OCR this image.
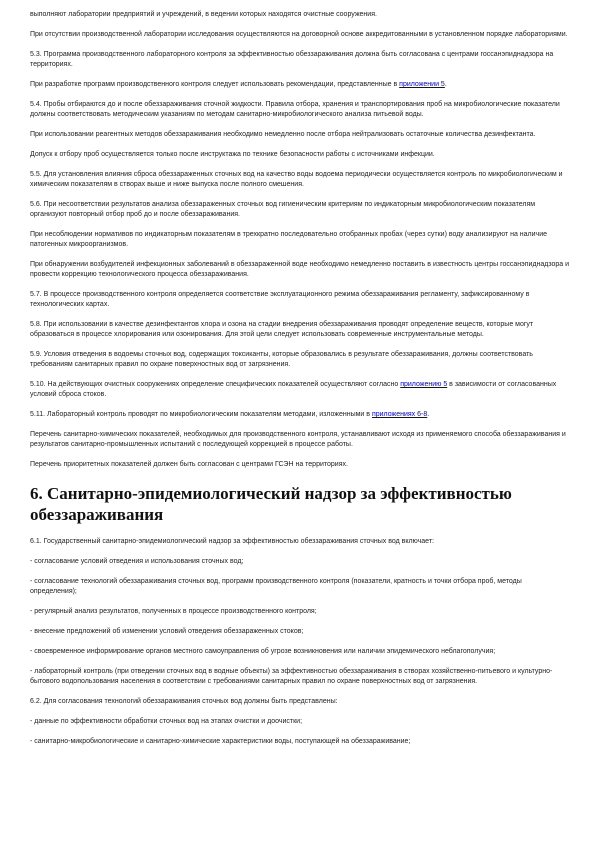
выполняют лаборатории предприятий и учреждений, в ведении которых находятся очистные сооружения.

При отсутствии производственной лаборатории исследования осуществляются на договорной основе аккредитованными в установленном порядке лабораториями.

5.3. Программа производственного лабораторного контроля за эффективностью обеззараживания должна быть согласована с центрами госсанэпиднадзора на территориях.

При разработке программ производственного контроля следует использовать рекомендации, представленные в приложении 5.

5.4. Пробы отбираются до и после обеззараживания сточной жидкости. Правила отбора, хранения и транспортирования проб на микробиологические показатели должны соответствовать методическим указаниям по методам санитарно-микробиологического анализа питьевой воды.

При использовании реагентных методов обеззараживания необходимо немедленно после отбора нейтрализовать остаточные количества дезинфектанта.

Допуск к отбору проб осуществляется только после инструктажа по технике безопасности работы с источниками инфекции.

5.5. Для установления влияния сброса обеззараженных сточных вод на качество воды водоема периодически осуществляется контроль по микробиологическим и химическим показателям в створах выше и ниже выпуска после полного смешения.

5.6. При несоответствии результатов анализа обеззараженных сточных вод гигиеническим критериям по индикаторным микробиологическим показателям организуют повторный отбор проб до и после обеззараживания.

При несоблюдении нормативов по индикаторным показателям в трехкратно последовательно отобранных пробах (через сутки) воду анализируют на наличие патогенных микроорганизмов.

При обнаружении возбудителей инфекционных заболеваний в обеззараженной воде необходимо немедленно поставить в известность центры госсанэпиднадзора и провести коррекцию технологического процесса обеззараживания.

5.7. В процессе производственного контроля определяется соответствие эксплуатационного режима обеззараживания регламенту, зафиксированному в технологических картах.

5.8. При использовании в качестве дезинфектантов хлора и озона на стадии внедрения обеззараживания проводят определение веществ, которые могут образоваться в процессе хлорирования или озонирования. Для этой цели следует использовать современные инструментальные методы.

5.9. Условия отведения в водоемы сточных вод, содержащих токсиканты, которые образовались в результате обеззараживания, должны соответствовать требованиям санитарных правил по охране поверхностных вод от загрязнения.

5.10. На действующих очистных сооружениях определение специфических показателей осуществляют согласно приложению 5 в зависимости от согласованных условий сброса стоков.

5.11. Лабораторный контроль проводят по микробиологическим показателям методами, изложенными в приложениях 6-8.

Перечень санитарно-химических показателей, необходимых для производственного контроля, устанавливают исходя из применяемого способа обеззараживания и результатов санитарно-промышленных испытаний с последующей коррекцией в процессе работы.

Перечень приоритетных показателей должен быть согласован с центрами ГСЭН на территориях.

6. Санитарно-эпидемиологический надзор за эффективностью обеззараживания

6.1. Государственный санитарно-эпидемиологический надзор за эффективностью обеззараживания сточных вод включает:

- согласование условий отведения и использования сточных вод;

- согласование технологий обеззараживания сточных вод, программ производственного контроля (показатели, кратность и точки отбора проб, методы определения);

- регулярный анализ результатов, полученных в процессе производственного контроля;

- внесение предложений об изменении условий отведения обеззараженных стоков;

- своевременное информирование органов местного самоуправления об угрозе возникновения или наличии эпидемического неблагополучия;

- лабораторный контроль (при отведении сточных вод в водные объекты) за эффективностью обеззараживания в створах хозяйственно-питьевого и культурно-бытового водопользования населения в соответствии с требованиями санитарных правил по охране поверхностных вод от загрязнения.

6.2. Для согласования технологий обеззараживания сточных вод должны быть представлены:

- данные по эффективности обработки сточных вод на этапах очистки и доочистки;

- санитарно-микробиологические и санитарно-химические характеристики воды, поступающей на обеззараживание;
